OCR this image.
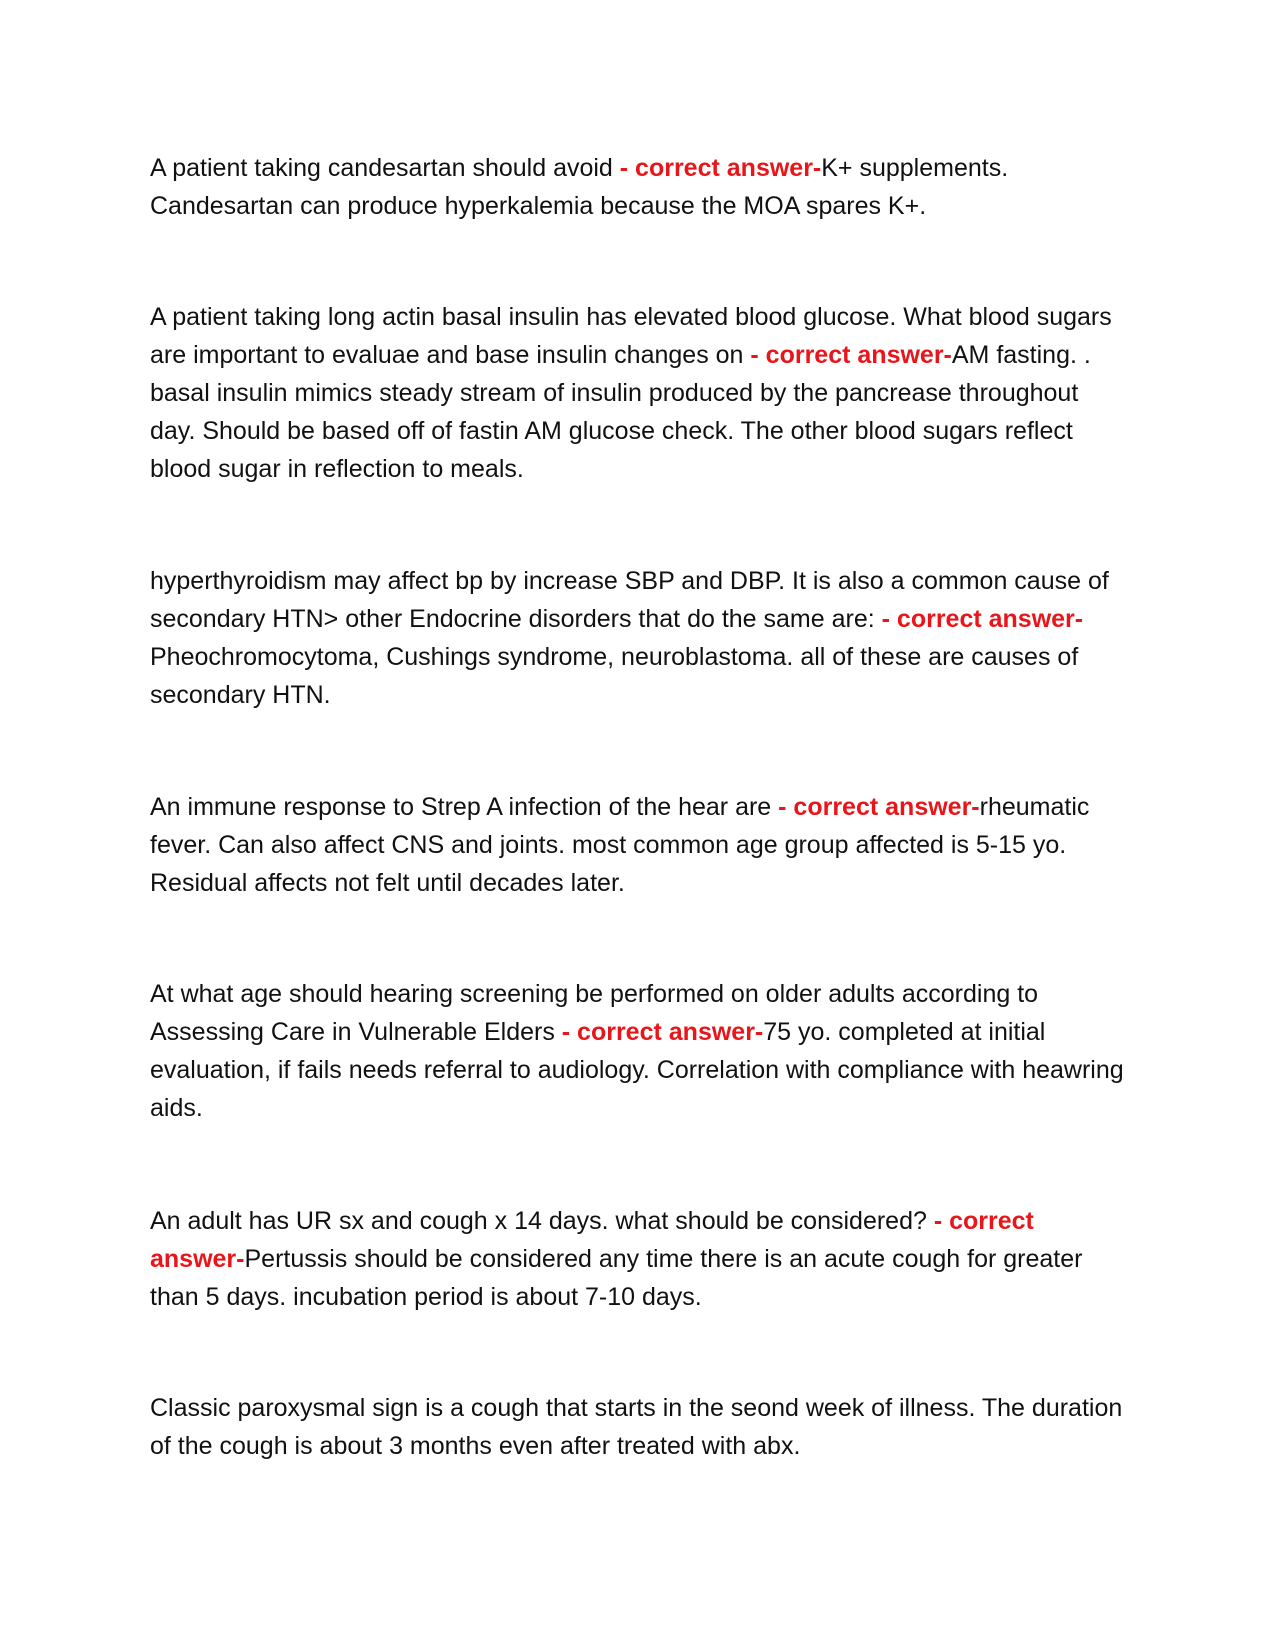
A patient taking candesartan should avoid - correct answer-K+ supplements. Candesartan can produce hyperkalemia because the MOA spares K+.

A patient taking long actin basal insulin has elevated blood glucose. What blood sugars are important to evaluae and base insulin changes on - correct answer-AM fasting. . basal insulin mimics steady stream of insulin produced by the pancrease throughout day. Should be based off of fastin AM glucose check. The other blood sugars reflect blood sugar in reflection to meals.

hyperthyroidism may affect bp by increase SBP and DBP. It is also a common cause of secondary HTN> other Endocrine disorders that do the same are: - correct answer-Pheochromocytoma, Cushings syndrome, neuroblastoma. all of these are causes of secondary HTN.

An immune response to Strep A infection of the hear are - correct answer-rheumatic fever. Can also affect CNS and joints. most common age group affected is 5-15 yo. Residual affects not felt until decades later.

At what age should hearing screening be performed on older adults according to Assessing Care in Vulnerable Elders - correct answer-75 yo. completed at initial evaluation, if fails needs referral to audiology. Correlation with compliance with heawring aids.

An adult has UR sx and cough x 14 days. what should be considered? - correct answer-Pertussis should be considered any time there is an acute cough for greater than 5 days. incubation period is about 7-10 days.

Classic paroxysmal sign is a cough that starts in the seond week of illness. The duration of the cough is about 3 months even after treated with abx.
